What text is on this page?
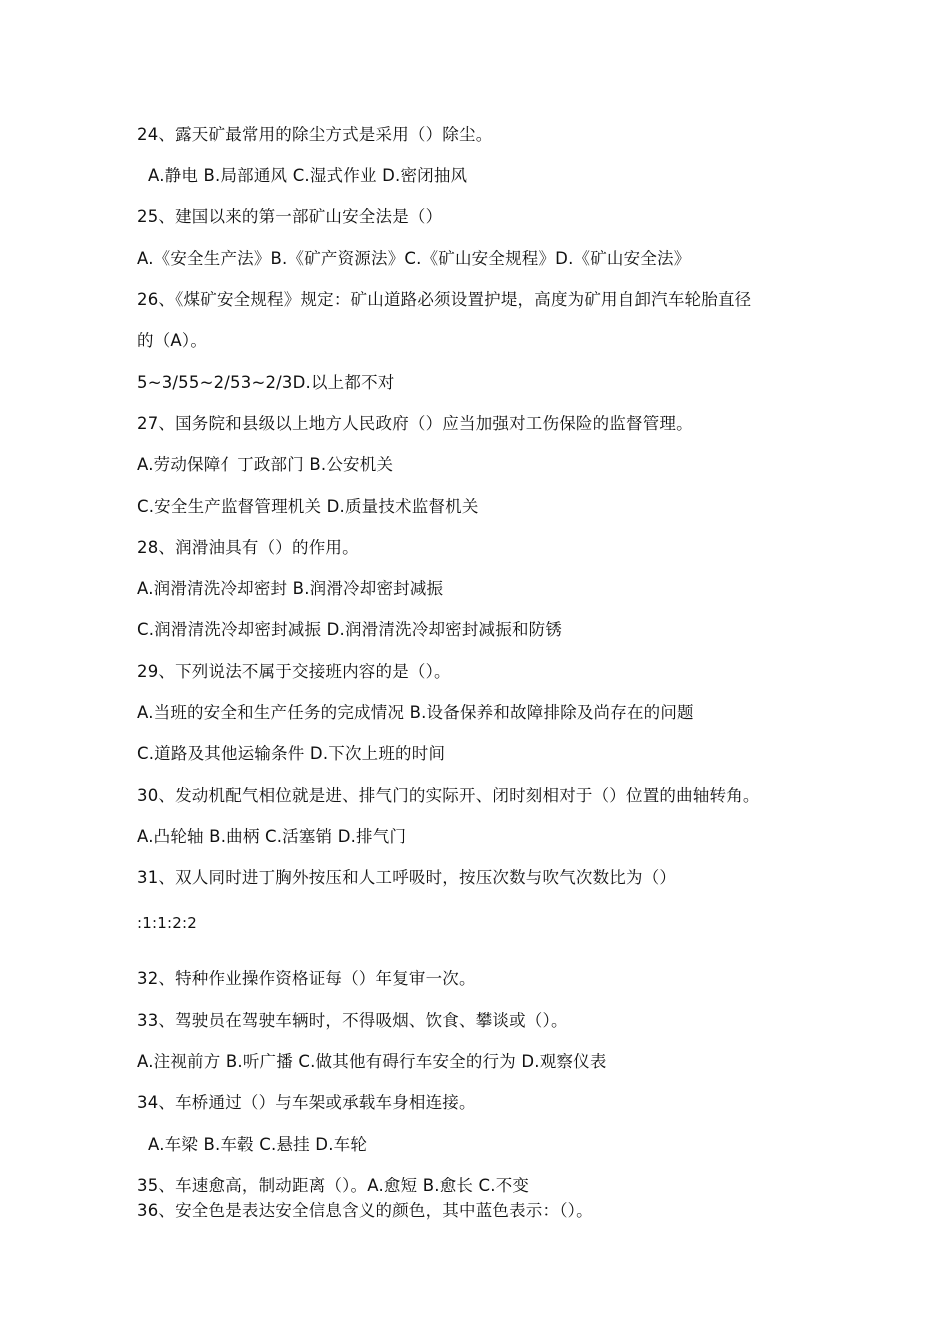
24、露天矿最常用的除尘方式是采用（）除尘。
A.静电 B.局部通风 C.湿式作业 D.密闭抽风
25、建国以来的第一部矿山安全法是（）
A.《安全生产法》B.《矿产资源法》C.《矿山安全规程》D.《矿山安全法》
26、《煤矿安全规程》规定：矿山道路必须设置护堤，高度为矿用自卸汽车轮胎直径
的（A）。
5~3/55~2/53~2/3D.以上都不对
27、国务院和县级以上地方人民政府（）应当加强对工伤保险的监督管理。
A.劳动保障亻丁政部门 B.公安机关
C.安全生产监督管理机关 D.质量技术监督机关
28、润滑油具有（）的作用。
A.润滑清洗冷却密封 B.润滑冷却密封减振
C.润滑清洗冷却密封减振 D.润滑清洗冷却密封减振和防锈
29、下列说法不属于交接班内容的是（）。
A.当班的安全和生产任务的完成情况 B.设备保养和故障排除及尚存在的问题
C.道路及其他运输条件 D.下次上班的时间
30、发动机配气相位就是进、排气门的实际开、闭时刻相对于（）位置的曲轴转角。
A.凸轮轴 B.曲柄 C.活塞销 D.排气门
31、双人同时进丁胸外按压和人工呼吸时，按压次数与吹气次数比为（）
:1:1:2:2
32、特种作业操作资格证每（）年复审一次。
33、驾驶员在驾驶车辆时，不得吸烟、饮食、攀谈或（）。
A.注视前方 B.听广播 C.做其他有碍行车安全的行为 D.观察仪表
34、车桥通过（）与车架或承载车身相连接。
A.车梁 B.车毂 C.悬挂 D.车轮
35、车速愈高，制动距离（）。A.愈短 B.愈长 C.不变
36、安全色是表达安全信息含义的颜色，其中蓝色表示：（）。
